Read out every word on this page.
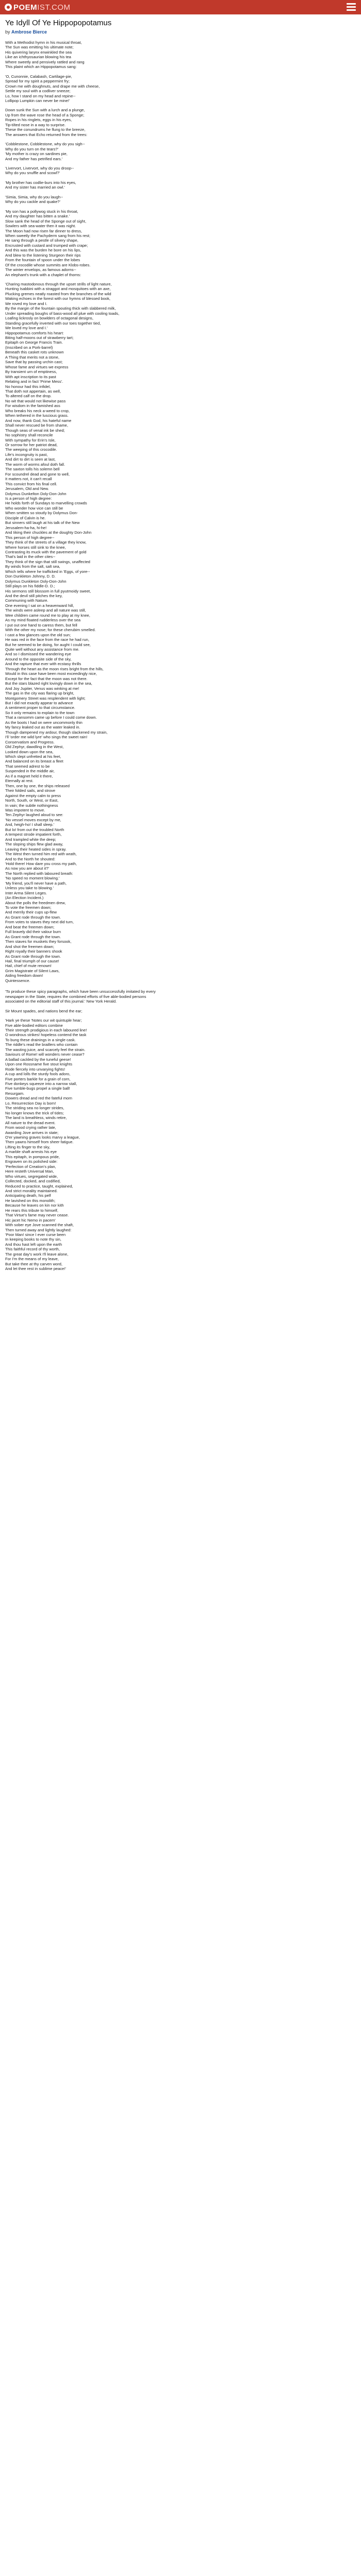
POEM IST.COM
Ye Idyll Of Ye Hippopopotamus
by Ambrose Bierce
With a Methodist hymn in his musical throat,
The Sun was emitting his ultimate note;
His quivering larynx enwinkled the sea
Like an ichthyosaurian blowing his tea
Where sweetly and pensively rattled and rang
This plaint which an Hippopotamus sang:
'O, Cunonnie, Calabash, Cartilage-pie,
Spread for my spirit a peppermint fry;
Crown me with doughnuts, and drape me with cheese,
Settle my soul with a codliver sneeze;
Lo, how I stand on my head and repine--
Lollipop Lumpkin can never be mine!'
Down sunk the Sun with a lurch and a plunge,
Up from the wave rose the head of a Sponge;
Ropes in his ringlets, eggs in his eyes,
Tip-tilted nose in a way to surprise.
These the conundrums he flung to the breeze,
The answers that Echo returned from the trees:
'Cobblestone, Cobblestone, why do you sigh--
Why do you turn on the tears?'
'My mother is crazy on sardines pie,
And my father has petrified ears.'
'Livervort, Livervort, why do you droop--
Why do you snuffle and scowl?'
'My brother has codlie-burs into his eyes,
And my sister has married an owl.'
'Simia, Simia, why do you laugh--
Why do you cackle and quake?'
'My son has a pollywog stuck in his throat,
And my daughter has bitten a snake.'
Slow sank the head of the Sponge out of sight,
Sowlers with sea-water then it was night.
The Moon had now risen far dinner to dress,
When sweetly the Pachyderm sang from his rest;
He sang through a pestle of silvery shape,
Encrusted with custard and trumped with crape;
And this was the burden he bore on his lips,
And blew to the listening Sturgeon their rips
From the fountain of spoon under the lobes
Of the crocodile whose summits are Klobs-robes.
The winter envelops, as famous adorns--
An elephant's trunk with a chaplet of thorns:
'Charing mastodonous through the upset strills of light nature,
Hunting Isabbini with a straggot and mosquitoes with an axe,
Plucking gremes neatly roasted from the branches of the wild
Waking echoes in the forest with our hymns of blessed book,
We roved my love and I.
By the margin of the fountain spouting thick with slabbered milk,
Under spreading boughs of bass-wood all plue with cooling toads,
Loafing lickrosly on bowlders of octagonal designs,
Standing gracefully inverted with our toes together tied,
We loved my love and I.'
Hippopotamus comforts his heart:
Biting half-moons out of strawberry tart;
Epitaph on George Francis Train.
(Inscribed on a Pork-barrel)
Beneath this casket rots unknown
A Thing that merits not a stone,
Save that by passing urchin cast;
Whose fame and virtues we express
By transient urn of emptiness,
With apt inscription to its past
Relating and in fact 'Prime Mess'.
No honour had this infidel,
That doth not appertain, as well,
To altered calf on the drop.
No wit that would not likewise pass
For wisdom in the famished ass
Who breaks his neck a-weed to crop,
When tethered in the luscious grass.
And now, thank God, his hateful name
Shall never rescued be from shame,
Though seas of venal ink be shed;
No sophistry shall reconcile
With sympathy for Erin's Isle,
Or sorrow for her patriot dead,
The weeping of this crocodile.
Life's incongruity is past,
And dirt to dirt is seen at last,
The worm of worms afoul doth fall.
The saxton tolls his solemn bell
For scoundrel dead and gone to well,
It matters not, it can't recall
This convict from his final cell.
Jerusalem, Old and New.
Dolymus Dunkelton Doly-Don-John
Is a person of high degree:
He holds forth of Sundays to marvelling crowds
Who wonder how vice can still be
When smitten so stoutly by Dolymus Don-
Disciple of Calvin is he.
But sinners still laugh at his talk of the New
Jerusalem-ha-ha, hi-he!
And Iiking their chuckles at the doughty Don-John
This person of high degree--
They think of the streets of a village they know,
Where horses still sink to the knee,
Contrasting its muck with the pavement of gold
That's laid in the other cites--
They think of the sign that still swings, unaffected
By winds from the salt, salt sea,
Which tells where he trafficked in 'Eggs, of yore--
Don Dunkleton Johnny, D. D.
Dolymus Dunkleton Doly-Don-John
Still plays on his fiddle-D. D.;
His sermons still blossom in full pyutmoidy sweet,
And the devil still pitches the key,
Communing with Nature.
One evening I sat on a heavenward hill,
The winds were asleep and all nature was still,
Wee children came round me to play at my knee,
As my mind floated rudderless over the sea
I put out one hand to caress them, but fell
With the other my nose; for these cherubim smelled.
I cast a few glances upon the old sun;
He was red in the face from the race he had run,
But he seemed to be doing, for aught I could see,
Quite well without any assistance from me.
And so I dismissed the wandering eye
Around to the opposite side of the sky,
And the rapture that ever with ecstasy thrills
Through the heart as the moon rises bright from the hills,
Would in this case have been most exceedingly nice,
Except for the fact that the moon was not there.
But the stars blazed right lovingly down in the sea,
And Joy Jupiter, Venus was winking at me!
The gas in the city was flaring up bright,
Montgomery Street was resplendent with light;
But I did not exactly appear to advance
A sentiment proper to that circumstance.
So it only remains to explain to the town
That a ransomm came up before I could come down.
As the boots I had on were uncommonly thin
My fancy leaked out as the water leaked in.
Though dampened my ardour, though slackened my strain,
I'll 'order me wild lyre' who sings the sweet rain!
Conservatism and Progress.
Old Zephyr, dawdling in the West,
Looked down upon the sea,
Which slept unfretted at his feet,
And balanced on its breast a fleet
That seemed adrest to be
Suspended in the middle air,
As if a magnet held it there,
Eternally at rest.
Then, one by one, the ships released
Their folded sails, and strove
Against the empty calm to press
North, South, or West, or East,
In vain; the subtle nothingness
Was impotent to move.
Ten Zephyr laughed aloud to see:
'No vessel moves except by me,
And, heigh-ho! I shall sleep.'
But lo! from out the troubled North
A tempest strode impatient forth,
And trampled white the deep;
The sloping ships flew glad away,
Leaving their heated sides in spray.
The West then turned him red with wrath,
And to the North he shouted:
'Hold there! How dare you cross my path,
As now you are about it?'
The North replied with laboured breath:
'No speed no moment blowing.'
'My friend, you'll never have a path,
Unless you take to blowing.'
Inter Arma Silent Leges.
(An Election Incident.)
About the polls the freedmen drew,
To vote the freemen down;
And merrily their cups up-flew
As Grant rode through the town.
From votes to staves they next did turn,
And beat the freemen down;
Full bravely did their valour burn
As Grant rode through the town.
Then staves for muskets they forsook,
And shot the freemen down;
Right royally their banners shook
As Grant rode through the town.
Hail, final triumph of our cause!
Hail, chief of mute renown!
Grim Magistrate of Silent Laws,
Aiding freedom down!
Quintessence.
'To produce these spicy paragraphs, which have been unsuccessfully imitated by every newspaper in the State, requires the combined efforts of five able-bodied persons associated on the editorial staff of this journal.' New York Herald.
Sir Mount spades, and nations bend the ear;
'Hark ye these 'Notes our wit quintuple hear;
Five able-bodied editors combine
Their strength prodigious in each laboured line!
O wondrous strikes! hopeless contend the task
To bung these drainings in a single cask.
The riddle's read the braillers who contain
The wasting juice, and scarcely feel the strain.
Saviours of Rome! will wonders never cease?
A ballad cackled by the tuneful geese!
Upon one Rossname five stout knights
Rode fiercely into unvarying fights!
A cup and lolls the sturdy fools adoro,
Five porters barkle for a grain of corn,
Five donkeys squeeze into a narrow stall,
Five tumble-bugs propel a single ball!
Resurgam.
Dowers dread and red the fateful morn
Lo, Resurrection Day is born!
The striding sea no longer strides,
No longer knows the trick of tides;
The land is breathless, winds retire,
All nature to the dread event.
From wood crying rather late,
Awarding Jove arrives in state;
O'er yawning graves looks marvy a league,
Then yawns himself from sheer fatigue.
Lifting its finger to the sky,
A marble shaft arrests his eye
This epitaph, in pompous pride,
Engraven on its polished side:
'Perfection of Creation's plan,
Here resteth Universal Man,
Who virtues, segregated wide,
Collected, docked, and codified,
Reduced to practice, taught, explained,
And strict morality maintained.
Anticipating death, his pelf
He lavished on this monolith;
Because he leaves on kin nor kith
He rears this tribute to himself,
That Virtue's fame may never cease.
Hic jacet hic Nemo in pacem'
With sober eye Jove scanned the shaft,
Then turned away and lightly laughed:
'Poor Man! since I ever curse been
In keeping books to note thy sin,
And thou hast left upon the earth
This faithful record of thy worth,
The great day's work I'll leave alone,
For I'm the means of my leave,
But take thee at thy carven word,
And let thee rest in sublime peace!'
